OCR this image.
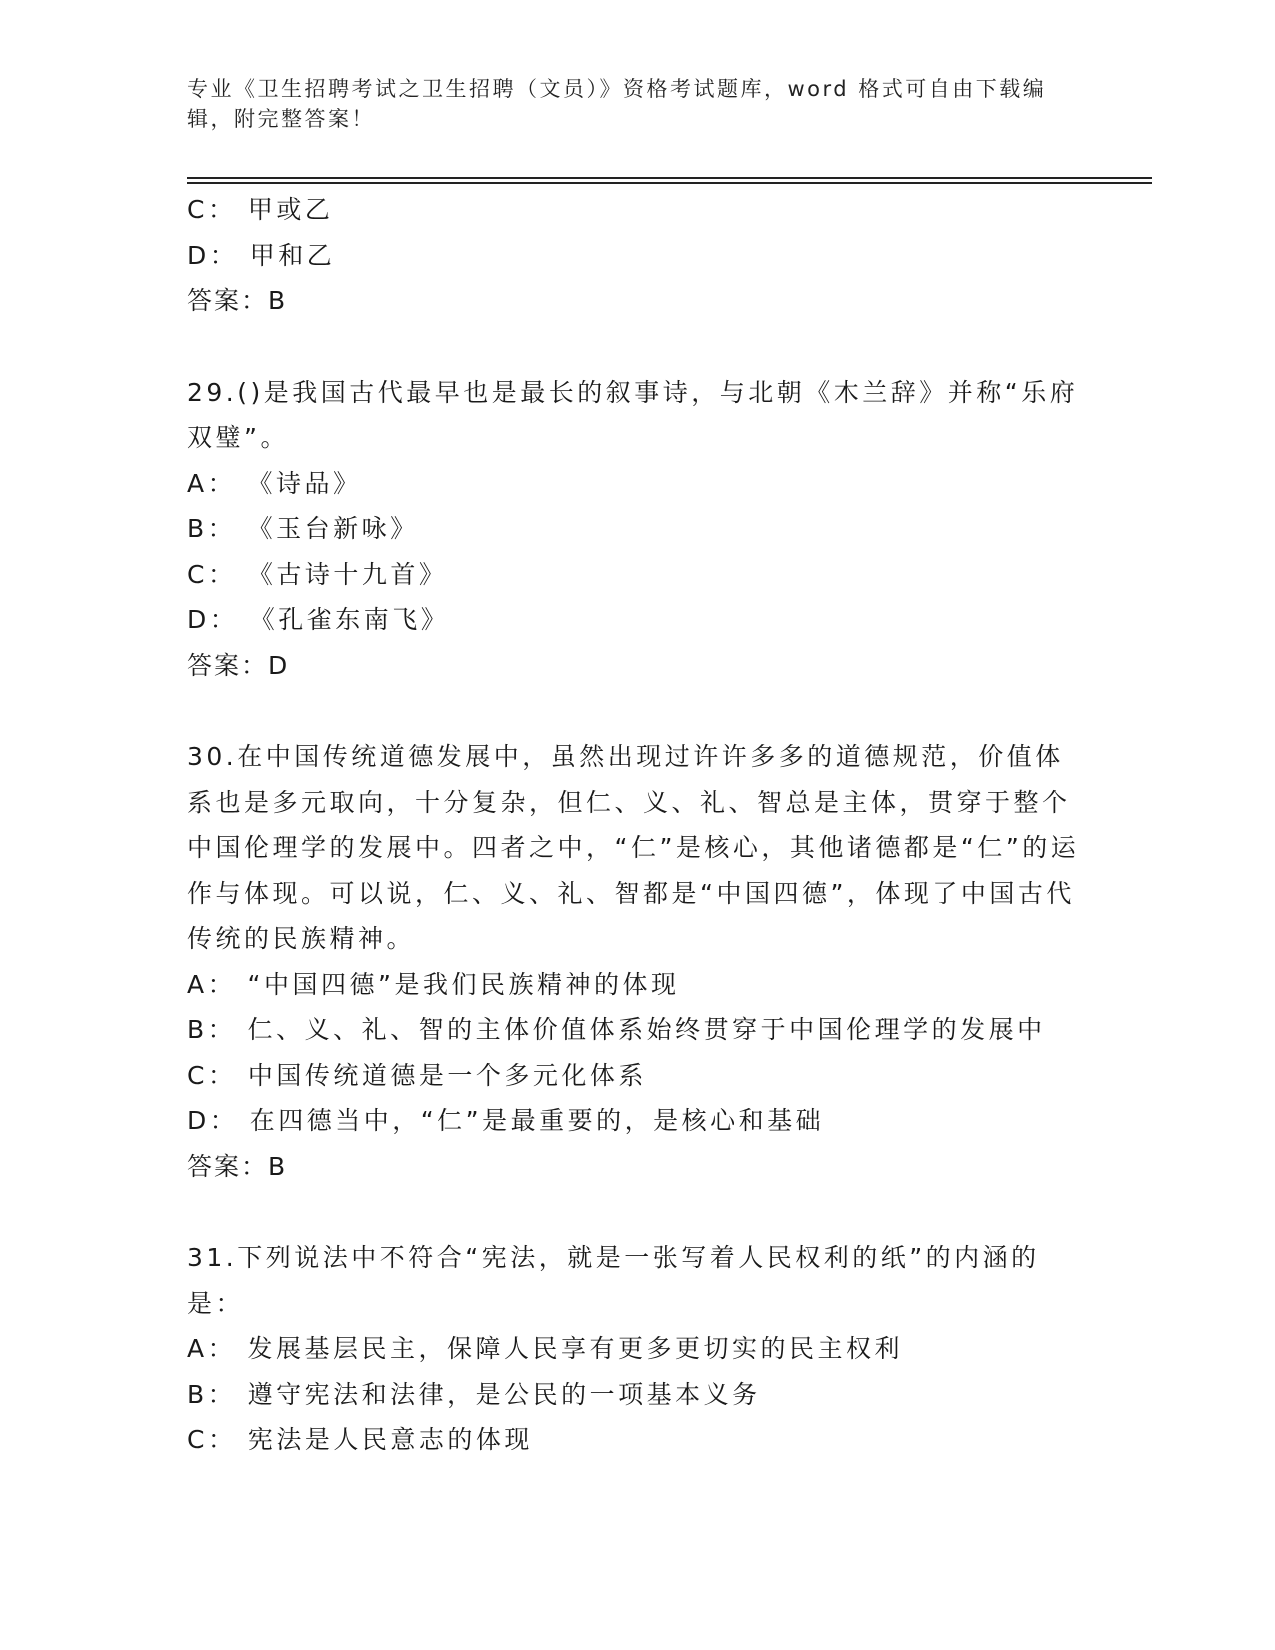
专业《卫生招聘考试之卫生招聘（文员）》资格考试题库，word 格式可自由下载编辑，附完整答案！
C： 甲或乙
D： 甲和乙
答案：B
29.()是我国古代最早也是最长的叙事诗，与北朝《木兰辞》并称“乐府双璧”。
A： 《诗品》
B： 《玉台新咏》
C： 《古诗十九首》
D： 《孔雀东南飞》
答案：D
30.在中国传统道德发展中，虽然出现过许许多多的道德规范，价值体系也是多元取向，十分复杂，但仁、义、礼、智总是主体，贯穿于整个中国伦理学的发展中。四者之中，“仁”是核心，其他诸德都是“仁”的运作与体现。可以说，仁、义、礼、智都是“中国四德”，体现了中国古代传统的民族精神。
A： “中国四德”是我们民族精神的体现
B： 仁、义、礼、智的主体价值体系始终贯穿于中国伦理学的发展中
C： 中国传统道德是一个多元化体系
D： 在四德当中，“仁”是最重要的，是核心和基础
答案：B
31.下列说法中不符合“宪法，就是一张写着人民权利的纸”的内涵的是：
A： 发展基层民主，保障人民享有更多更切实的民主权利
B： 遵守宪法和法律，是公民的一项基本义务
C： 宪法是人民意志的体现
